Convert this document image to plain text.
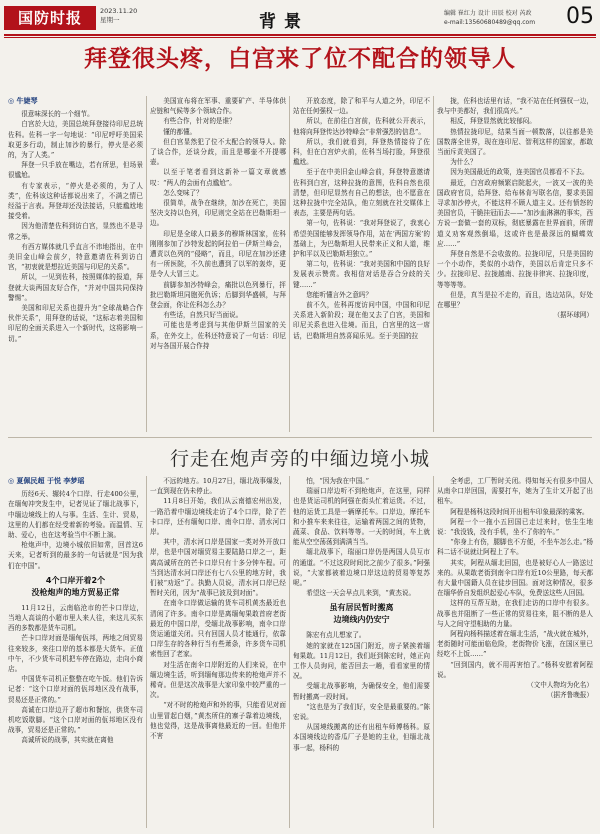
国防时报	2023.11.20
星期一	背景	编辑 崔红力 设计 田辰 校对 芮政
e-mail:13560680489@qq.com	05
拜登很头疼，白宫来了位不配合的领导人
◎ 牛婕琴

很意味深长的一个细节。

白宫於大边，美国总统拜登接待印尼总统佐科。佐科一字一句地说：“印尼呼吁美国采取更多行动，制止加沙的暴行，停火是必须的，为了人类。”

拜登一只手放在嘴边，若有所思，但场景很尴尬。

有专家表示，“停火是必须的，为了人类”，佐科该这种话都说出来了，不满之情已经溢于言表。拜登却还没法接话，只能尴尬地接受着。

因为他清楚佐科到访白宫，显然也不是寻常之举。

有西方媒体就几乎直言不讳地指出，在中美旧金山峰会前夕，特意邀请佐科到访白宫，“初衷就是想拉近美国与印尼的关系”。

所以，一见到佐科，按照媒体的报道，拜登就大谈两国友好合作，“并对中国共同保持警惕”。

美国和印尼关系也提升为“全球战略合作伙伴关系”，用拜登的话说，“这标志着美国和印尼的全面关系进入一个新时代，这将影响一切。”

美国宣布将在军事、重要矿产、半导体供应链和气候等多个领域合作。

有些合作，针对的是谁？

懂的都懂。

但白宫显然犯了位不太配合的领导人。除了谈合作，还谈分歧，而且是哪壶不开提哪壶。

以至于笔者看到这新补一篇文章就感叹：“两人的会面有点尴尬”。

怎么变味了？

很简单，战争在继续，加沙在死亡，美国坚决支持以色列，印尼则完全站在巴勒斯坦一边。

印尼是全球人口最多的穆斯林国家，佐科刚刚参加了沙特发起的阿拉伯－伊斯兰峰会，遭责以色列的“侵略”，而且，印尼在加沙还建有一所医院，不久前也遭到了以军的轰炸，更是令人大冒三丈。

前脚参加沙特峰会，痛批以色列暴行，抨批巴勒斯坦同胞死仇诉；后脚到华盛顿，与拜登会面，你让佐科怎么办？

有些话，自然只好当面说。

可能也是考虑到与其他伊斯兰国家的关系，在外交上，佐科还特意说了一句话：印尼对与各国开展合作持

开放态度，除了和平与人道之外，印尼不站在任何强权一边。

所以，在前往白宫前，佐科就公开表示，他将向拜登传达沙特峰会“非常强烈的信息”。

所以，我们就看到，拜登热情接待了佐科，但在白宫炉火前，佐科当场打脸，拜登很尴尬。

至于在中美旧金山峰会前，拜登特意邀请佐科到白宫，这种拉拢的意图，佐科自然也很清楚，但印尼显然有自己的想法，也不愿意在这种拉拢中完全站队，他立刻就在社交媒体上表态，主要是两句话。

第一句，佐科说：“我对拜登说了，我衷心希望美国能够发挥领导作用，站在‘两国方案’的基础上，为巴勒斯坦人民带来正义和人道，维护和平以及巴勒斯坦独立。”

第二句，佐科说：“我对美国和中国的良好发展表示赞赏。我相信对话是吞合分歧的关键……”

您能听懂言外之意吗？

前不久，佐科再度访问中国，中国和印尼关系进入新阶段；现在他又去了白宫，美国和印尼关系也进入佳境。而且，白宫里的这一席话，巴勒斯坦自然喜闻乐见。至于美国的拉

拢，佐科也话里有话，“我不站在任何强权一边，我与中美都好，我们很高兴。”

相反，拜登显然就比较郁闷。

热情拉拢印尼，结果当面一顿数落，以往都是美国数落全世界，现在连印尼、智利这样的国家，都敢当面斥责美国了。

为什么？

因为美国最近的政策，连美国官员都看不下去。

最近，白宫政府频繁启院起火，一波又一波的美国政府官员，给拜登、给布林肯写联名信，要求美国寻求加沙停火，不能这样不顾人道主义。还有愤怒的美国官员，干脆挂冠而去——“加沙血淋淋的事实，西方说一套做一套的双标，彻底暴露在世界面前，所谓道义劝客观然倒塌，这或许也是最深远的蝴蝶效应……”

拜登自然是不会收敛的。拉拢印尼，只是美国的一个小动作，类似的小动作，美国以后肯定只多不少。拉拢印尼、拉拢越南、拉拢非律宾、拉拢印度，等等等等。

但是，真当是拉不走的，而且，选边站队，好处在哪里？

（据环球网）
行走在炮声旁的中缅边境小城
◎ 夏佩民超 于悦 李梦瑶

历经6天、辗转4个口岸、行走400公里，在缅甸冲突发生中，记者见证了缅北战事下，中缅边境线上的人与事。生活、生计、贸易，这里的人们都在经受着新的考验。而温情、互助、爱心，也在这考验当中不断上演。

枪炮声中，边境小城依旧如常，回首这6天来，记者听到的最多的一句话就是“因为我们在中国”。

4个口岸开着2个
没枪炮声的地方贸易正常

11月12日，云南临沧市的芒卡口岸边，当地人高谈的小超市里人来人往，来这儿买东西的多数都是货车司机。

芒卡口岸对面是缅甸佤邦，两地之间贸易往来较多，来往口岸的基本都是大货车。正值中午，不少货车司机把车停在路边，走向小商店。

中国货车司机正整整在吃午饭。他们告诉记者：“这个口岸对面的佤邦地区没有战事，贸易还是正常的。”

高诚在口岸边开了超市和餐馆，供货车司机吃饭歇脚。“这个口岸对面的佤邦地区没有战事，贸易还是正常的。”

高诚所说的战事，其实就在离他

不远的地方。10月27日，缅北战事爆发，一直到现在仍未停止。

11月8日开始，我们从云南德宏州出发，一路沿着中缅边境线走访了4个口岸，除了芒卡口岸，还有缅甸口岸、南伞口岸、清水河口岸。

其中，清水河口岸是国家一类对外开放口岸，也是中国对缅贸易主要陆路口岸之一，距离高诚所在的芒卡口岸只有十多分钟车程。可当到达清水河口岸还有七八公里的地方时，我们被“劝返”了。执勤人员说，清水河口岸已经暂时关闭，因为“战事已波及到对面”。

在南伞口岸做运输的货车司机黄杰最近也清闲了许多。南伞口岸是离缅甸果敢首府老街最近的中国口岸，受缅北战事影响，南伞口岸货运通道关闭。只有回国人员才能通行，依靠口岸生存的各种行当有些萧条，许多货车司机索性回了老家。

对生活在南伞口岸附近的人们来说，在中缅边境生活，听到缅甸那边传来的枪炮声并不稀奇。但是这次战事是大家印象中较严重的一次。

“对不时的枪炮声和外的事，只能看见对面山里冒起白烟，”黄杰所住的寨子靠着边境线，他也觉得，这是战事离他最近的一回。但他并不害

怕，“因为我在中国。”

瑞丽口岸边听不到枪炮声，在这里，同样也是货运司机的阿强在街头忙着运货。不过，他的运货工具是一辆摩托车。口岸边，摩托车和小推车来来往往，运输着两国之间的货物，蔬菜、食品、饮料等等。一天的时间，车上就能从空空荡荡到满满当当。

缅北战事下，瑞丽口岸仍是两国人员互市的通道。“不过这段时间比之前少了很多。”阿强说，“大家都被着边境口岸这边的贸易等复苏呢。”

希望这一天会早点儿来到，“黄杰说。

虽有居民暂时搬离
边境线内仍安宁

陈宏有点儿想家了。

她的家就在125国门附近，房子紧挨着缅甸果敢。11月12日，我们赶到陈宏时，她正向工作人员询问，能否回去一趟，看看家里的情况。

受缅北战事影响，为确保安全，他们需要暂时搬离一段时间。

“这也是为了我们好，安全是最重要的。”陈宏说。

从国境线搬离的还有出租车师傅杨科。原本国境线边的香瓜厂子是她的主业，但缅北战事一起，杨科的

全考虑，工厂暂时关闭。得知每天有很多中国人从南伞口岸回国，需要打车，她为了生计又开起了出租车。

阿程是杨科这段时间开出租车印象最深的乘客。

阿程一个一拖小五回国已走过来时，怯生生地说：“我没钱，没有手机，坐不了你的车。”

“你身上有伤，腿脚也不方便，不坐车怎么走。”杨科二话不说就让阿程上了车。

其实，阿程从缅北回国，也是被好心人一路送过来的。从果敢老街到南伞口岸有近10公里路，每天都有大量中国籍人员在徒步回国。面对这种情况，很多在缅华侨自发组织起爱心车队，免费送这些人回国。

这样的互帮互助，在我们走访的口岸中有很多。战事也并阻断了一些正常的贸易往来，阻不断的是人与人之间守望相助的力量。

阿程向杨科描述着在缅北生活，“战火就在城外，老街随时可能面临危险，老街物价飞涨，在国区里已经吃不上饭……”

“回到国内，就不用再害怕了。”杨科安慰着阿程说。

（文中人物均为化名）
（据齐鲁晚报）
